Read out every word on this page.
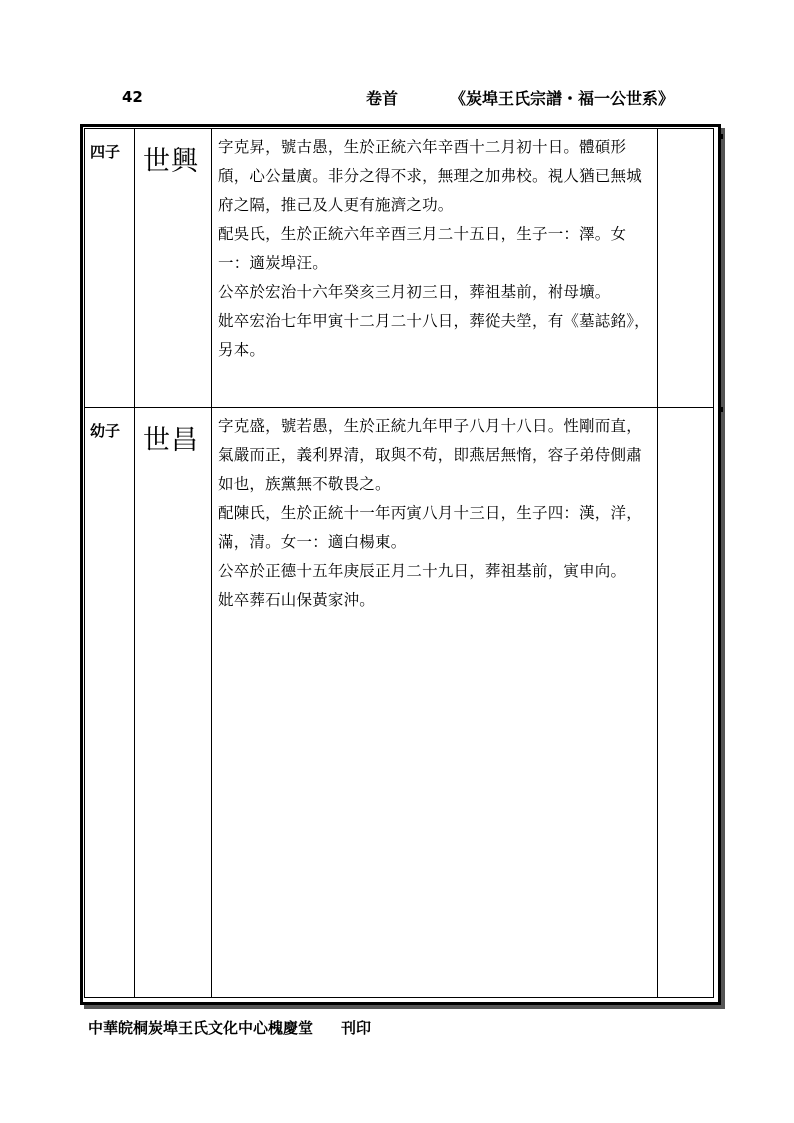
42	卷首	《炭埠王氏宗譜・福一公世系》
四子	世興	字克昇，號古愚，生於正統六年辛酉十二月初十日。體碩形頎，心公量廣。非分之得不求，無理之加弗校。視人猶已無城府之隔，推己及人更有施濟之功。

配吳氏，生於正統六年辛酉三月二十五日，生子一：澤。女一：適炭埠汪。

公卒於宏治十六年癸亥三月初三日，葬祖基前，祔母壙。

妣卒宏治七年甲寅十二月二十八日，葬從夫塋，有《墓誌銘》，另本。	

幼子	世昌	字克盛，號若愚，生於正統九年甲子八月十八日。性剛而直，氣嚴而正，義利界清，取與不苟，即燕居無惰，容子弟侍側肅如也，族黨無不敬畏之。

配陳氏，生於正統十一年丙寅八月十三日，生子四：漢，洋，滿，清。女一：適白楊東。

公卒於正德十五年庚辰正月二十九日，葬祖基前，寅申向。

妣卒葬石山保黃家沖。	

中華皖桐炭埠王氏文化中心槐慶堂 刊印
